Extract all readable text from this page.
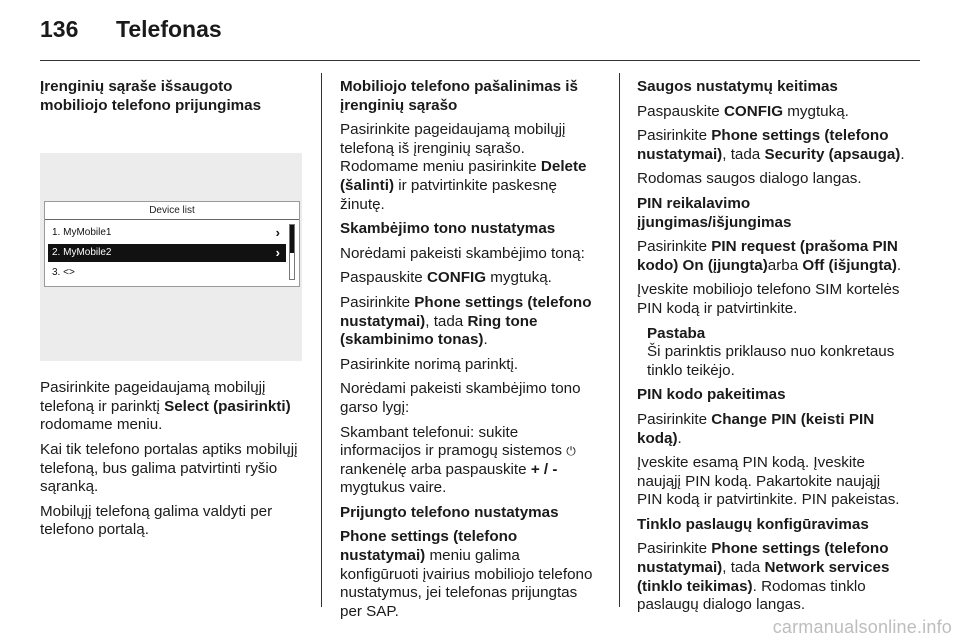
136	Telefonas

Įrenginių sąraše išsaugoto mobiliojo telefono prijungimas

Device list
1. MyMobile1	›
2. MyMobile2	›
3. <>

Pasirinkite pageidaujamą mobilųjį telefoną ir parinktį Select (pasirinkti) rodomame meniu.

Kai tik telefono portalas aptiks mobilųjį telefoną, bus galima patvirtinti ryšio sąranką.

Mobilųjį telefoną galima valdyti per telefono portalą.

Mobiliojo telefono pašalinimas iš įrenginių sąrašo

Pasirinkite pageidaujamą mobilųjį telefoną iš įrenginių sąrašo.

Rodomame meniu pasirinkite Delete (šalinti) ir patvirtinkite paskesnę žinutę.

Skambėjimo tono nustatymas

Norėdami pakeisti skambėjimo toną:

Paspauskite CONFIG mygtuką.

Pasirinkite Phone settings (telefono nustatymai), tada Ring tone (skambinimo tonas).

Pasirinkite norimą parinktį.

Norėdami pakeisti skambėjimo tono garso lygį:

Skambant telefonui: sukite informacijos ir pramogų sistemos ⏻ rankenėlę arba paspauskite + / - mygtukus vaire.

Prijungto telefono nustatymas

Phone settings (telefono nustatymai) meniu galima konfigūruoti įvairius mobiliojo telefono nustatymus, jei telefonas prijungtas per SAP.

Saugos nustatymų keitimas

Paspauskite CONFIG mygtuką.

Pasirinkite Phone settings (telefono nustatymai), tada Security (apsauga).

Rodomas saugos dialogo langas.

PIN reikalavimo įjungimas/išjungimas

Pasirinkite PIN request (prašoma PIN kodo) On (įjungta)arba Off (išjungta).

Įveskite mobiliojo telefono SIM kortelės PIN kodą ir patvirtinkite.

Pastaba
Ši parinktis priklauso nuo konkretaus tinklo teikėjo.

PIN kodo pakeitimas

Pasirinkite Change PIN (keisti PIN kodą).

Įveskite esamą PIN kodą. Įveskite naująjį PIN kodą. Pakartokite naująjį PIN kodą ir patvirtinkite. PIN pakeistas.

Tinklo paslaugų konfigūravimas

Pasirinkite Phone settings (telefono nustatymai), tada Network services (tinklo teikimas). Rodomas tinklo paslaugų dialogo langas.

carmanualsonline.info
